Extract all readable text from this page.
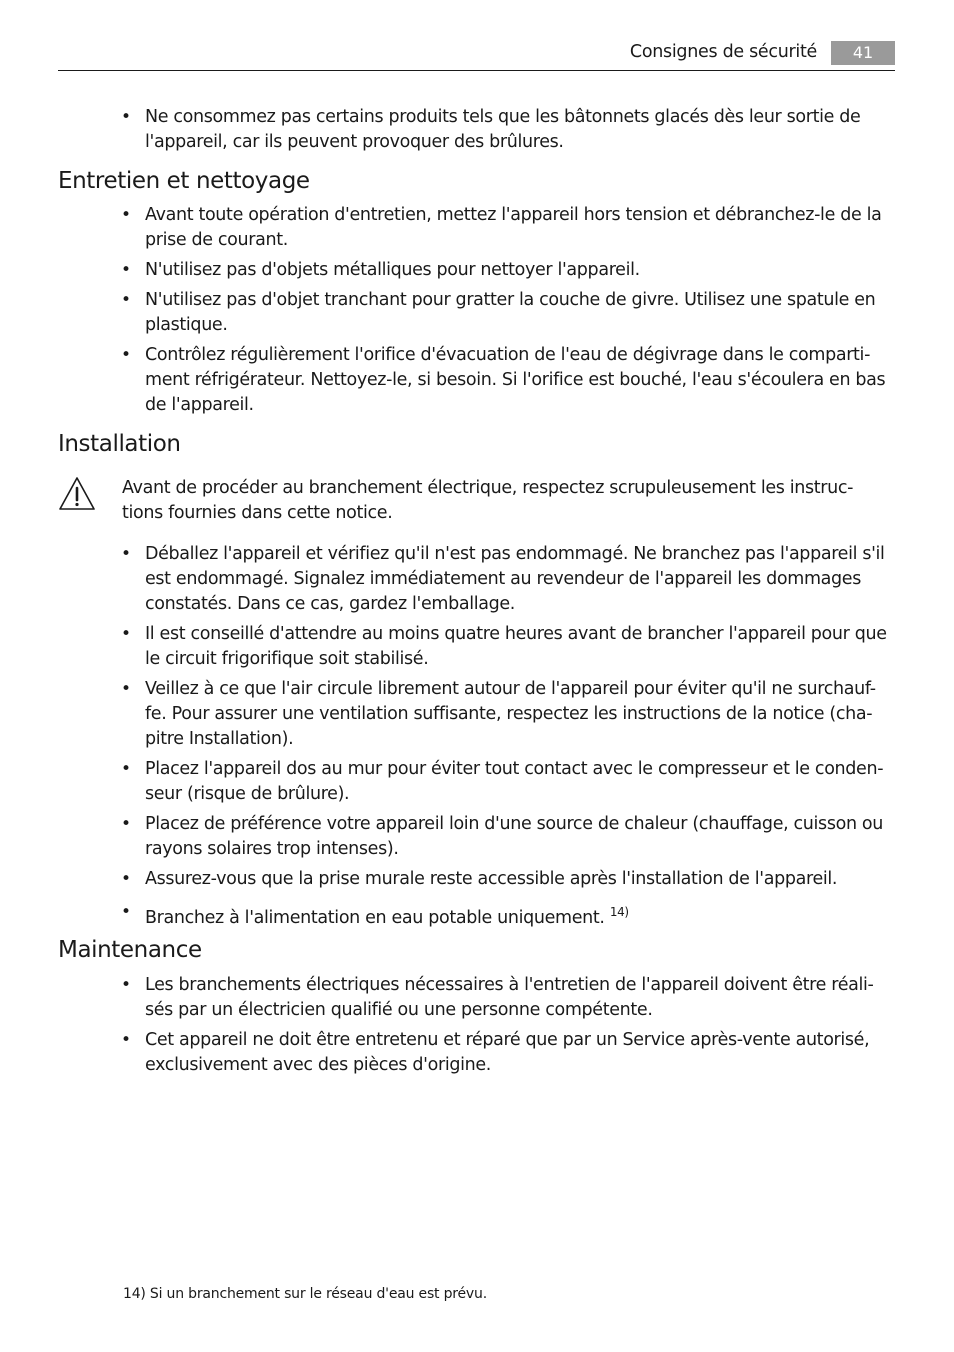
Consignes de sécurité	41
• Ne consommez pas certains produits tels que les bâtonnets glacés dès leur sortie de l'appareil, car ils peuvent provoquer des brûlures.
Entretien et nettoyage
• Avant toute opération d'entretien, mettez l'appareil hors tension et débranchez-le de la prise de courant.
• N'utilisez pas d'objets métalliques pour nettoyer l'appareil.
• N'utilisez pas d'objet tranchant pour gratter la couche de givre. Utilisez une spatule en plastique.
• Contrôlez régulièrement l'orifice d'évacuation de l'eau de dégivrage dans le comparti-ment réfrigérateur. Nettoyez-le, si besoin. Si l'orifice est bouché, l'eau s'écoulera en bas de l'appareil.
Installation
Avant de procéder au branchement électrique, respectez scrupuleusement les instruc-tions fournies dans cette notice.
• Déballez l'appareil et vérifiez qu'il n'est pas endommagé. Ne branchez pas l'appareil s'il est endommagé. Signalez immédiatement au revendeur de l'appareil les dommages constatés. Dans ce cas, gardez l'emballage.
• Il est conseillé d'attendre au moins quatre heures avant de brancher l'appareil pour que le circuit frigorifique soit stabilisé.
• Veillez à ce que l'air circule librement autour de l'appareil pour éviter qu'il ne surchauf-fe. Pour assurer une ventilation suffisante, respectez les instructions de la notice (cha-pitre Installation).
• Placez l'appareil dos au mur pour éviter tout contact avec le compresseur et le conden-seur (risque de brûlure).
• Placez de préférence votre appareil loin d'une source de chaleur (chauffage, cuisson ou rayons solaires trop intenses).
• Assurez-vous que la prise murale reste accessible après l'installation de l'appareil.
• Branchez à l'alimentation en eau potable uniquement. $^{14)}$
Maintenance
• Les branchements électriques nécessaires à l'entretien de l'appareil doivent être réali-sés par un électricien qualifié ou une personne compétente.
• Cet appareil ne doit être entretenu et réparé que par un Service après-vente autorisé, exclusivement avec des pièces d'origine.
14) Si un branchement sur le réseau d'eau est prévu.
